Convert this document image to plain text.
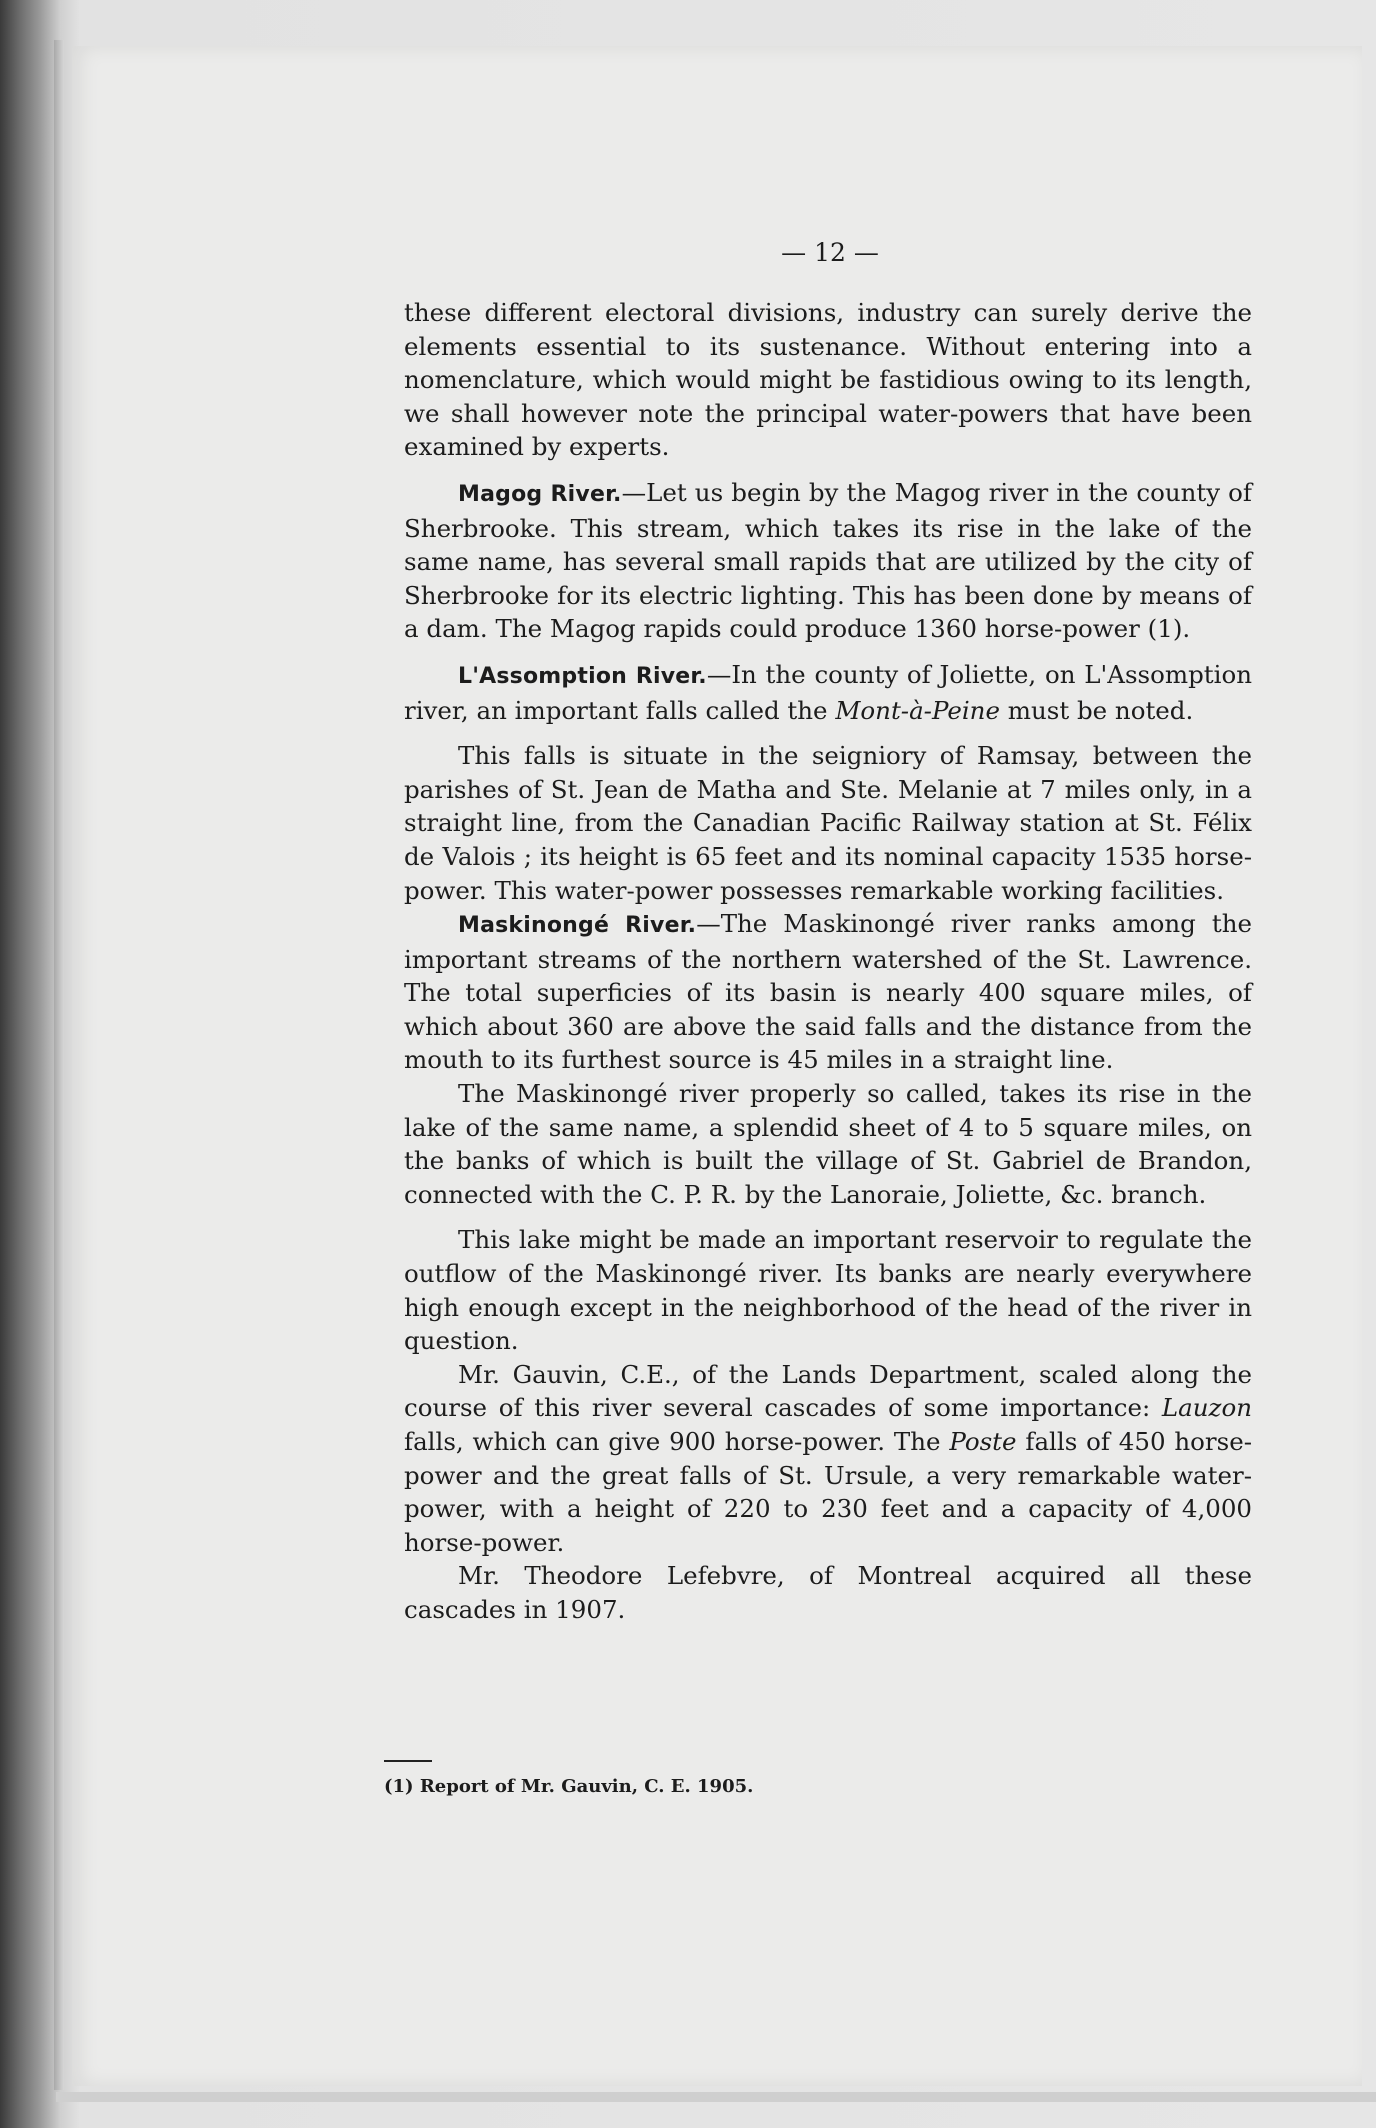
— 12 —

these different electoral divisions, industry can surely derive the elements essential to its sustenance. Without entering into a nomenclature, which would might be fastidious owing to its length, we shall however note the principal water-powers that have been examined by experts.

Magog River.—Let us begin by the Magog river in the county of Sherbrooke. This stream, which takes its rise in the lake of the same name, has several small rapids that are utilized by the city of Sherbrooke for its electric lighting. This has been done by means of a dam. The Magog rapids could produce 1360 horse-power (1).

L'Assomption River.—In the county of Joliette, on L'Assomption river, an important falls called the Mont-à-Peine must be noted.

This falls is situate in the seigniory of Ramsay, between the parishes of St. Jean de Matha and Ste. Melanie at 7 miles only, in a straight line, from the Canadian Pacific Railway station at St. Félix de Valois ; its height is 65 feet and its nominal capacity 1535 horse-power. This water-power possesses remarkable working facilities.

Maskinongé River.—The Maskinongé river ranks among the important streams of the northern watershed of the St. Lawrence. The total superficies of its basin is nearly 400 square miles, of which about 360 are above the said falls and the distance from the mouth to its furthest source is 45 miles in a straight line.

The Maskinongé river properly so called, takes its rise in the lake of the same name, a splendid sheet of 4 to 5 square miles, on the banks of which is built the village of St. Gabriel de Brandon, connected with the C. P. R. by the Lanoraie, Joliette, &c. branch.

This lake might be made an important reservoir to regulate the outflow of the Maskinongé river. Its banks are nearly everywhere high enough except in the neighborhood of the head of the river in question.

Mr. Gauvin, C.E., of the Lands Department, scaled along the course of this river several cascades of some importance: Lauzon falls, which can give 900 horse-power. The Poste falls of 450 horse-power and the great falls of St. Ursule, a very remarkable water-power, with a height of 220 to 230 feet and a capacity of 4,000 horse-power.

Mr. Theodore Lefebvre, of Montreal acquired all these cascades in 1907.

(1) Report of Mr. Gauvin, C. E. 1905.
